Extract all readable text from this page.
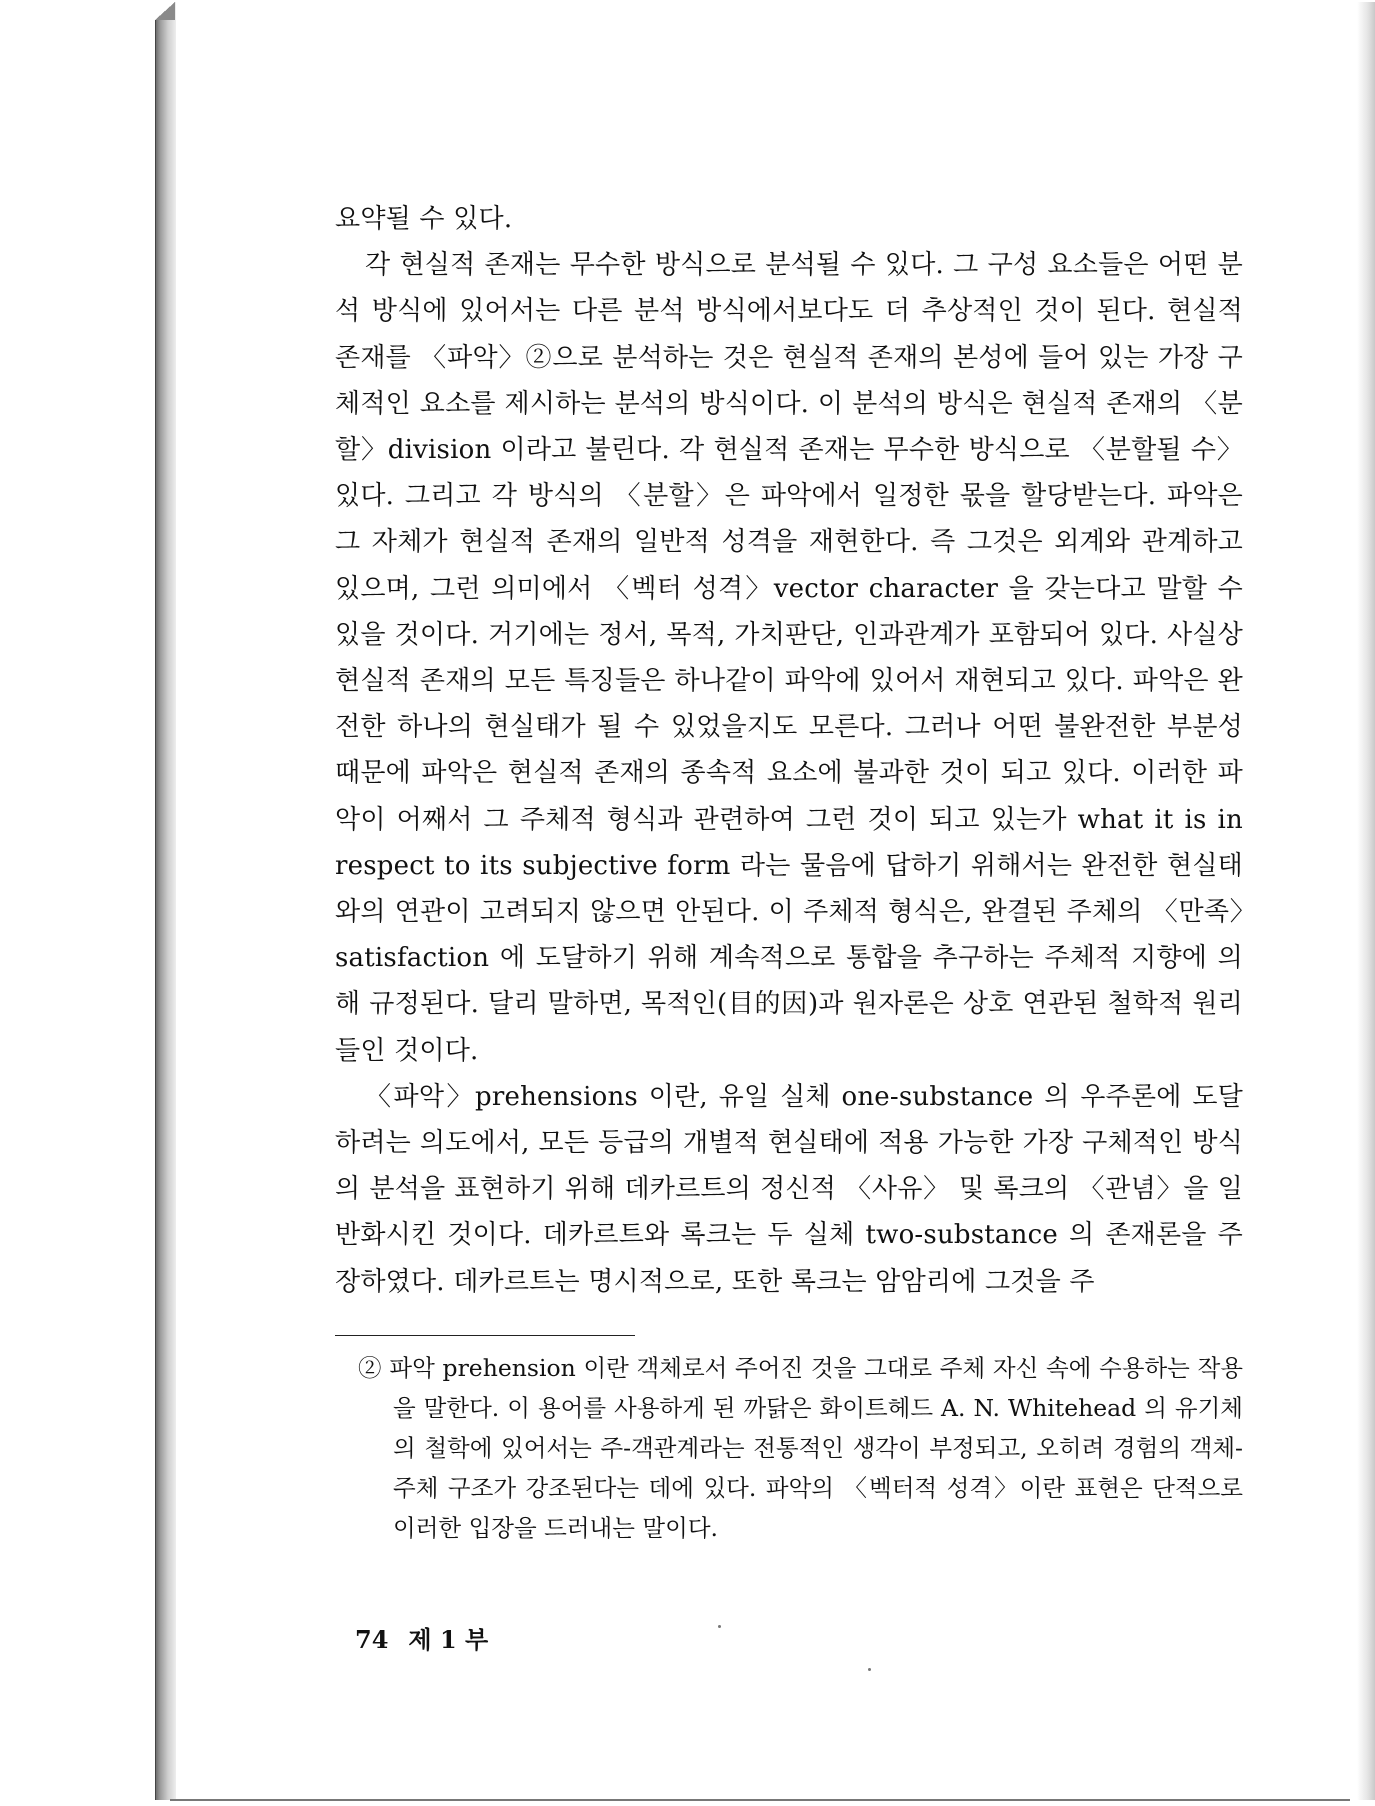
요약될 수 있다.

각 현실적 존재는 무수한 방식으로 분석될 수 있다. 그 구성 요소들은 어떤 분석 방식에 있어서는 다른 분석 방식에서보다도 더 추상적인 것이 된다. 현실적 존재를 〈파악〉②으로 분석하는 것은 현실적 존재의 본성에 들어 있는 가장 구체적인 요소를 제시하는 분석의 방식이다. 이 분석의 방식은 현실적 존재의 〈분할〉division 이라고 불린다. 각 현실적 존재는 무수한 방식으로 〈분할될 수〉 있다. 그리고 각 방식의 〈분할〉은 파악에서 일정한 몫을 할당받는다. 파악은 그 자체가 현실적 존재의 일반적 성격을 재현한다. 즉 그것은 외계와 관계하고 있으며, 그런 의미에서 〈벡터 성격〉vector character 을 갖는다고 말할 수 있을 것이다. 거기에는 정서, 목적, 가치판단, 인과관계가 포함되어 있다. 사실상 현실적 존재의 모든 특징들은 하나같이 파악에 있어서 재현되고 있다. 파악은 완전한 하나의 현실태가 될 수 있었을지도 모른다. 그러나 어떤 불완전한 부분성 때문에 파악은 현실적 존재의 종속적 요소에 불과한 것이 되고 있다. 이러한 파악이 어째서 그 주체적 형식과 관련하여 그런 것이 되고 있는가 what it is in respect to its subjective form 라는 물음에 답하기 위해서는 완전한 현실태와의 연관이 고려되지 않으면 안된다. 이 주체적 형식은, 완결된 주체의 〈만족〉satisfaction 에 도달하기 위해 계속적으로 통합을 추구하는 주체적 지향에 의해 규정된다. 달리 말하면, 목적인(目的因)과 원자론은 상호 연관된 철학적 원리들인 것이다.

〈파악〉prehensions 이란, 유일 실체 one-substance 의 우주론에 도달하려는 의도에서, 모든 등급의 개별적 현실태에 적용 가능한 가장 구체적인 방식의 분석을 표현하기 위해 데카르트의 정신적 〈사유〉 및 록크의 〈관념〉을 일반화시킨 것이다. 데카르트와 록크는 두 실체 two-substance 의 존재론을 주장하였다. 데카르트는 명시적으로, 또한 록크는 암암리에 그것을 주

② 파악 prehension 이란 객체로서 주어진 것을 그대로 주체 자신 속에 수용하는 작용을 말한다. 이 용어를 사용하게 된 까닭은 화이트헤드 A. N. Whitehead 의 유기체의 철학에 있어서는 주-객관계라는 전통적인 생각이 부정되고, 오히려 경험의 객체-주체 구조가 강조된다는 데에 있다. 파악의 〈벡터적 성격〉이란 표현은 단적으로 이러한 입장을 드러내는 말이다.
74 제 1 부
